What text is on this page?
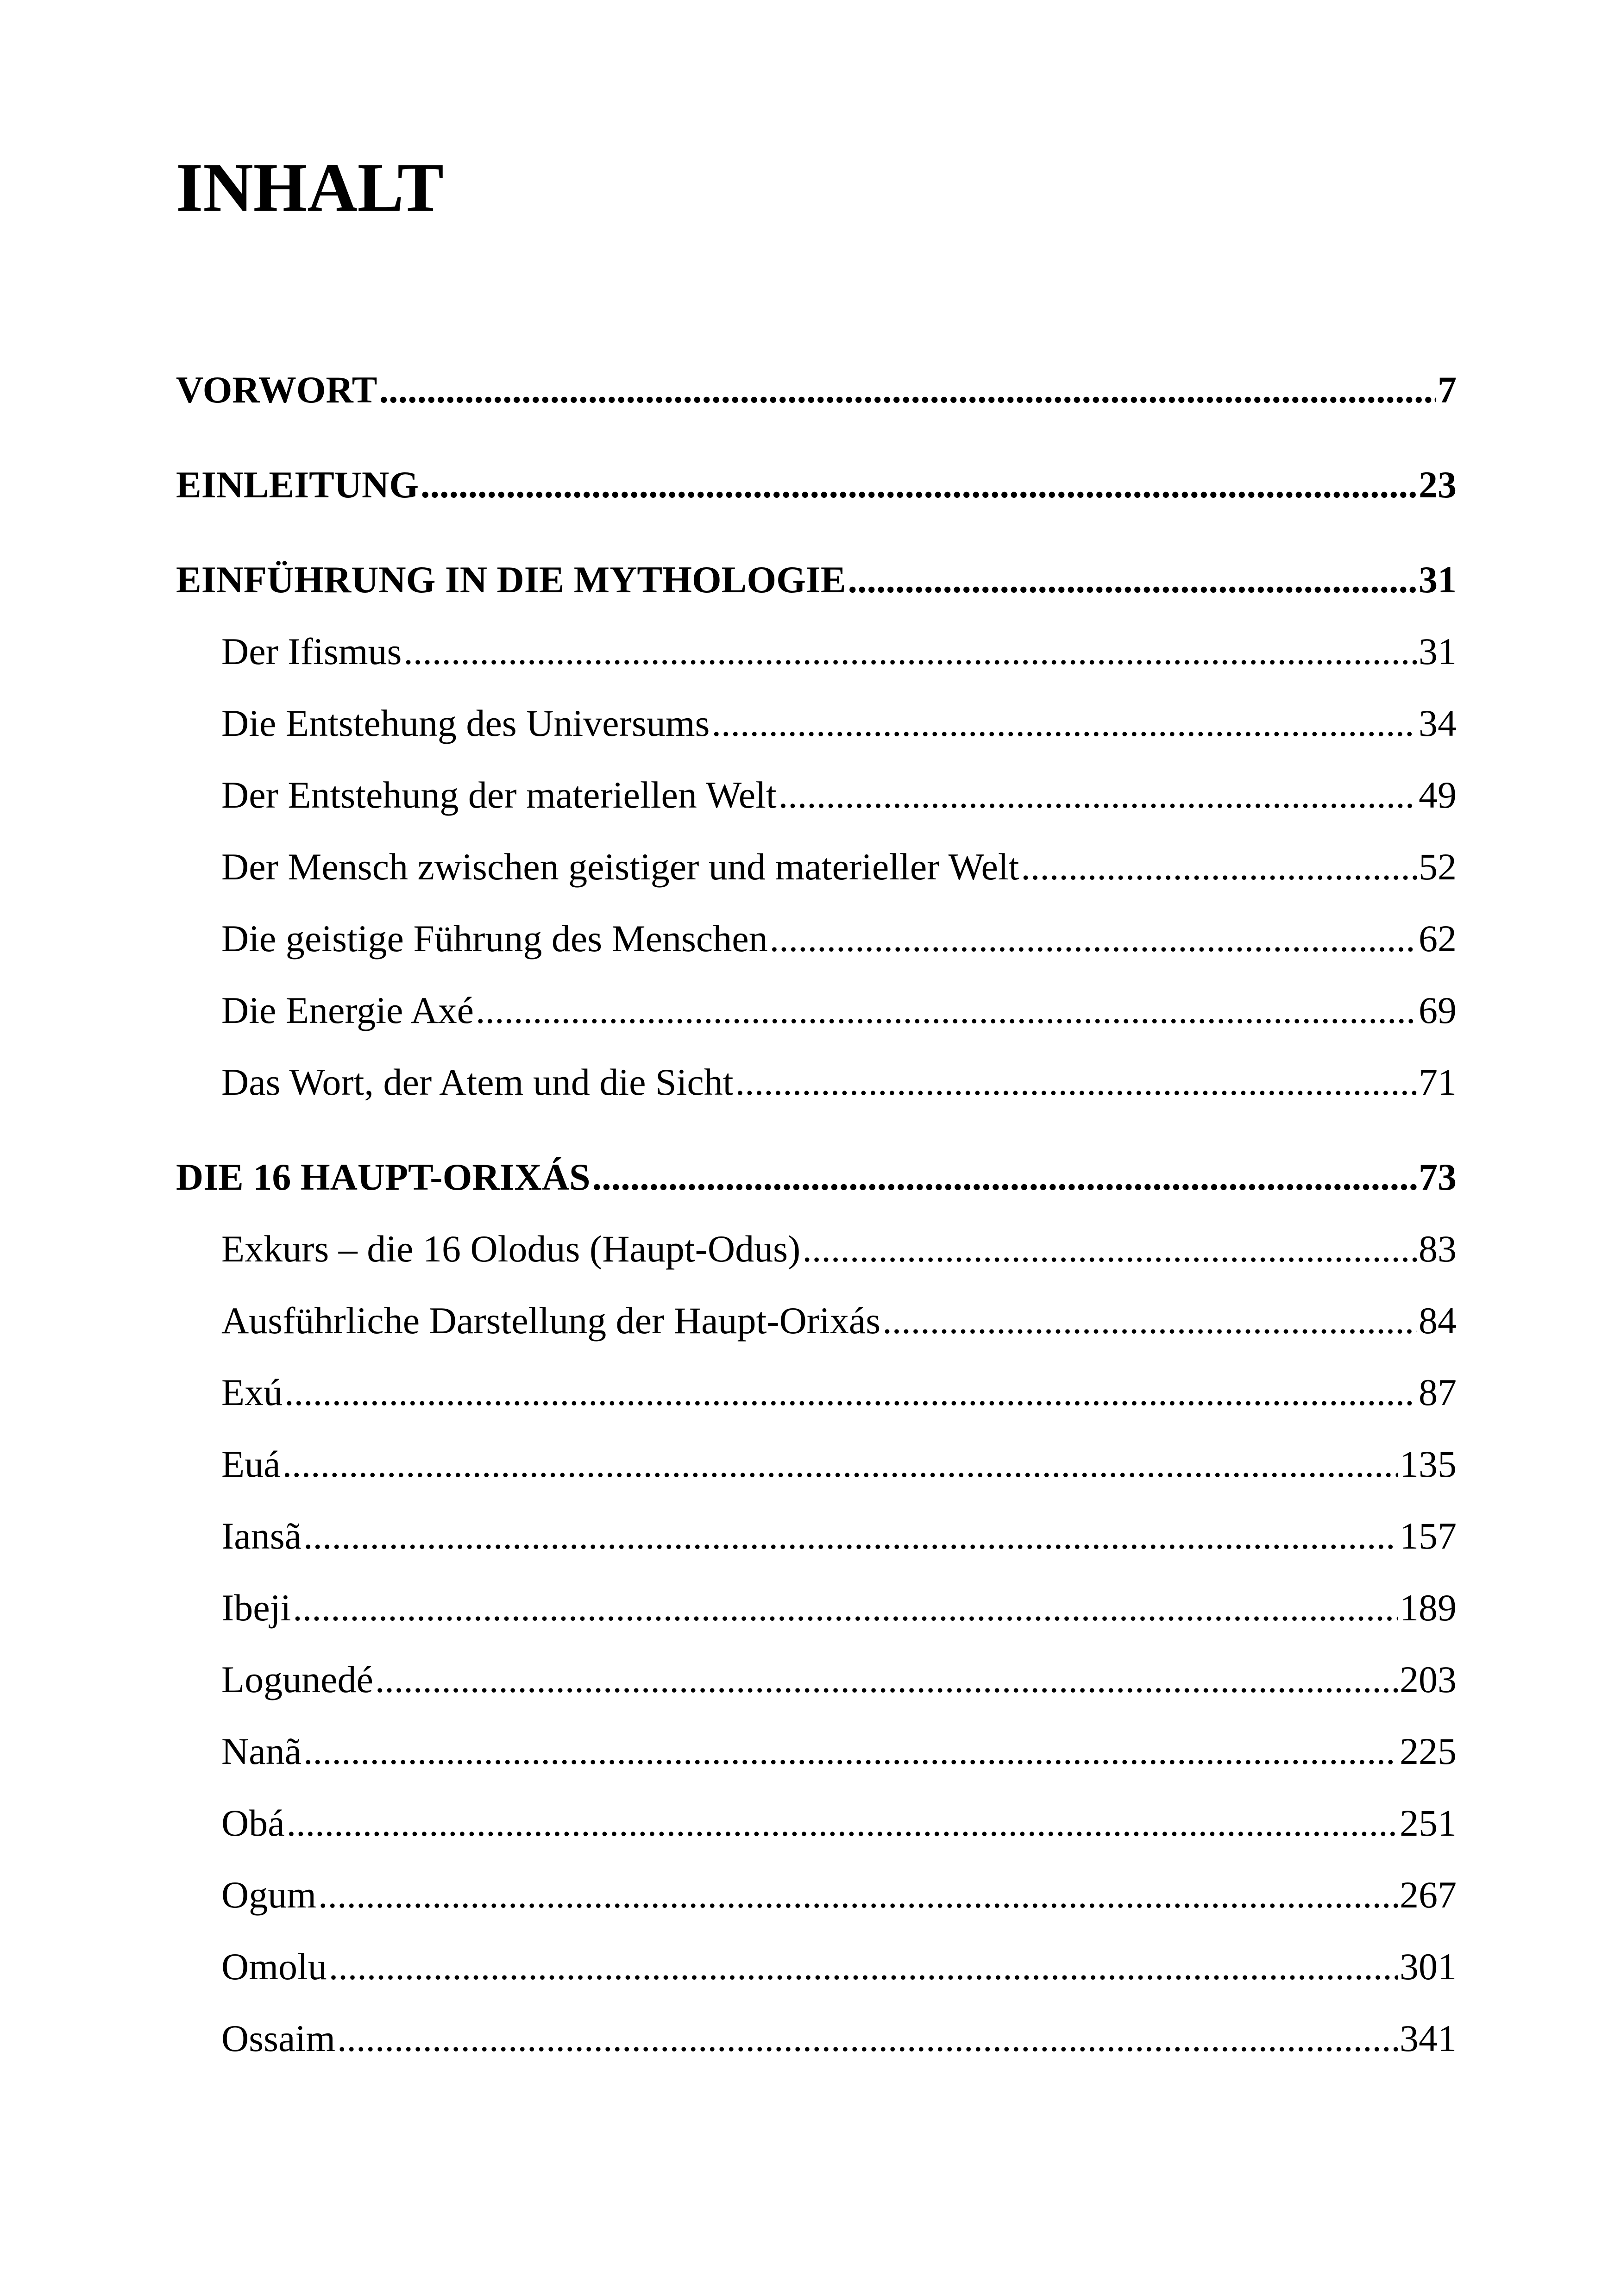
INHALT
VORWORT .....	7
EINLEITUNG .....	23
EINFÜHRUNG IN DIE MYTHOLOGIE .....	31
Der Ifismus .....	31
Die Entstehung des Universums .....	34
Der Entstehung der materiellen Welt .....	49
Der Mensch zwischen geistiger und materieller Welt .....	52
Die geistige Führung des Menschen .....	62
Die Energie Axé .....	69
Das Wort, der Atem und die Sicht .....	71
DIE 16 HAUPT-ORIXÁS .....	73
Exkurs – die 16 Olodus (Haupt-Odus) .....	83
Ausführliche Darstellung der Haupt-Orixás .....	84
Exú .....	87
Euá .....	135
Iansã .....	157
Ibeji .....	189
Logunedé .....	203
Nanã .....	225
Obá .....	251
Ogum .....	267
Omolu .....	301
Ossaim .....	341
